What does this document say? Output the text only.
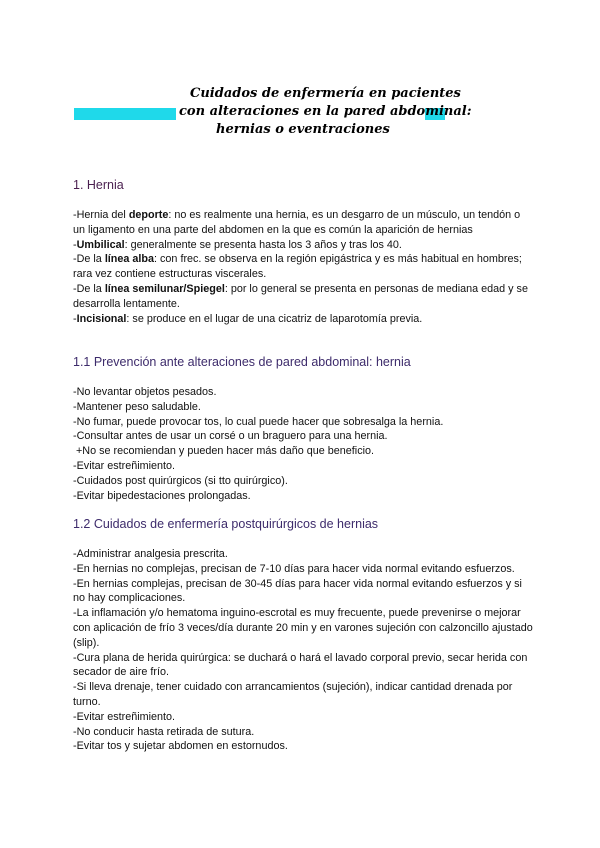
Cuidados de enfermería en pacientes
con alteraciones en la pared abdominal:
hernias o eventraciones
1. Hernia

-Hernia del deporte: no es realmente una hernia, es un desgarro de un músculo, un tendón o un ligamento en una parte del abdomen en la que es común la aparición de hernias

-Umbilical: generalmente se presenta hasta los 3 años y tras los 40.

-De la línea alba: con frec. se observa en la región epigástrica y es más habitual en hombres; rara vez contiene estructuras viscerales.

-De la línea semilunar/Spiegel: por lo general se presenta en personas de mediana edad y se desarrolla lentamente.

-Incisional: se produce en el lugar de una cicatriz de laparotomía previa.

1.1 Prevención ante alteraciones de pared abdominal: hernia

-No levantar objetos pesados.

-Mantener peso saludable.

-No fumar, puede provocar tos, lo cual puede hacer que sobresalga la hernia.

-Consultar antes de usar un corsé o un braguero para una hernia.

+No se recomiendan y pueden hacer más daño que beneficio.

-Evitar estreñimiento.

-Cuidados post quirúrgicos (si tto quirúrgico).

-Evitar bipedestaciones prolongadas.

1.2 Cuidados de enfermería postquirúrgicos de hernias

-Administrar analgesia prescrita.

-En hernias no complejas, precisan de 7-10 días para hacer vida normal evitando esfuerzos.

-En hernias complejas, precisan de 30-45 días para hacer vida normal evitando esfuerzos y si no hay complicaciones.

-La inflamación y/o hematoma inguino-escrotal es muy frecuente, puede prevenirse o mejorar con aplicación de frío 3 veces/día durante 20 min y en varones sujeción con calzoncillo ajustado (slip).

-Cura plana de herida quirúrgica: se duchará o hará el lavado corporal previo, secar herida con secador de aire frío.

-Si lleva drenaje, tener cuidado con arrancamientos (sujeción), indicar cantidad drenada por turno.

-Evitar estreñimiento.

-No conducir hasta retirada de sutura.

-Evitar tos y sujetar abdomen en estornudos.
